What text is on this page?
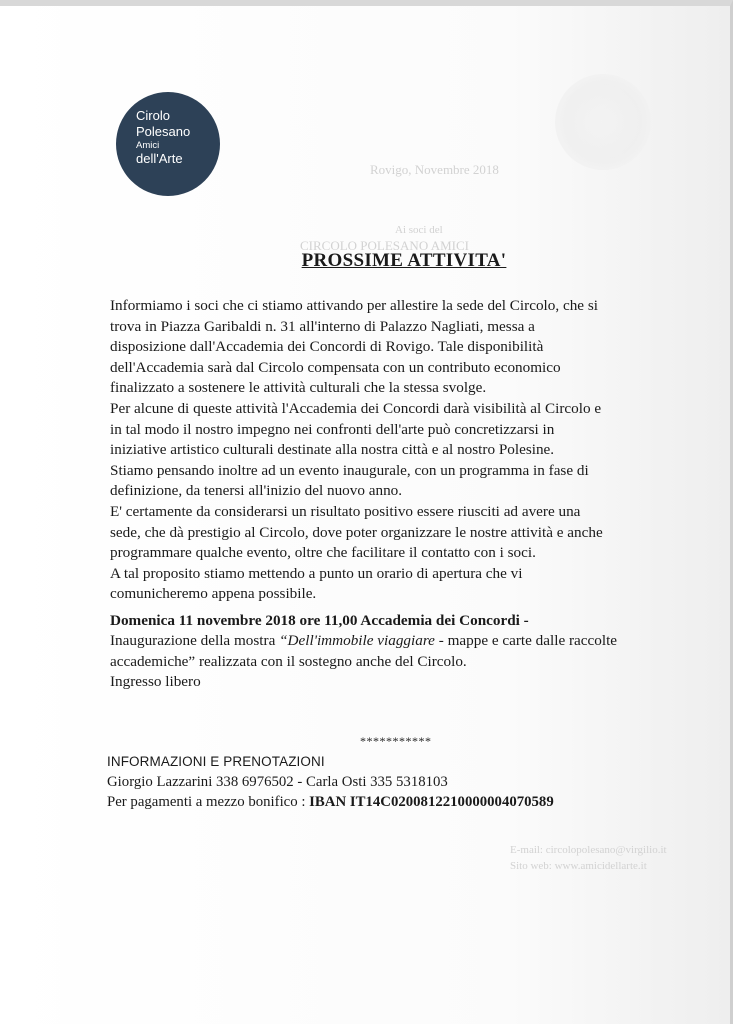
Rovigo, Novembre 2018
Ai soci del
CIRCOLO POLESANO AMICI
E-mail: circolopolesano@virgilio.it
Sito web: www.amicidellarte.it
Cirolo
Polesano
Amici
dell'Arte
PROSSIME ATTIVITA'

Informiamo i soci che ci stiamo attivando per allestire la sede del Circolo, che si

trova in Piazza Garibaldi n. 31 all'interno di Palazzo Nagliati, messa a

disposizione dall'Accademia dei Concordi di Rovigo. Tale disponibilità

dell'Accademia sarà dal Circolo compensata con un contributo economico

finalizzato a sostenere le attività culturali che la stessa svolge.

Per alcune di queste attività l'Accademia dei Concordi darà visibilità al Circolo e

in tal modo il nostro impegno nei confronti dell'arte può concretizzarsi in

iniziative artistico culturali destinate alla nostra città e al nostro Polesine.

Stiamo pensando inoltre ad un evento inaugurale, con un programma in fase di

definizione, da tenersi all'inizio del nuovo anno.

E' certamente da considerarsi un risultato positivo essere riusciti ad avere una

sede, che dà prestigio al Circolo, dove poter organizzare le nostre attività e anche

programmare qualche evento, oltre che facilitare il contatto con i soci.

A tal proposito stiamo mettendo a punto un orario di apertura che vi

comunicheremo appena possibile.

Domenica 11 novembre 2018 ore 11,00 Accademia dei Concordi -

Inaugurazione della mostra “Dell'immobile viaggiare - mappe e carte dalle raccolte

accademiche” realizzata con il sostegno anche del Circolo.

Ingresso libero

***********
INFORMAZIONI E PRENOTAZIONI
Giorgio Lazzarini 338 6976502 - Carla Osti 335 5318103
Per pagamenti a mezzo bonifico : IBAN IT14C0200812210000004070589
